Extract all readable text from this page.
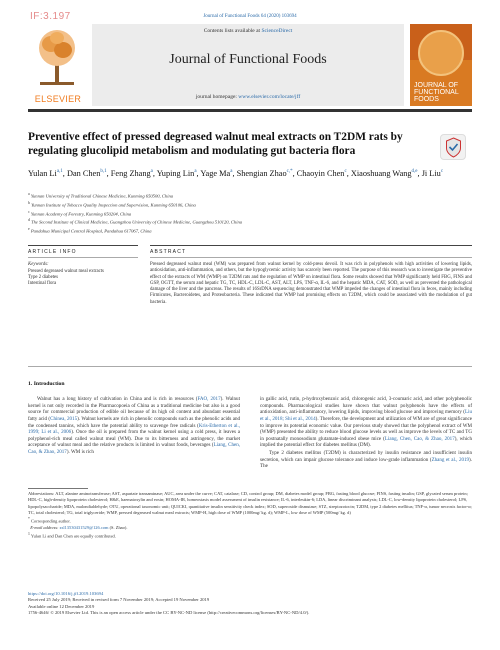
IF:3.197	Journal of Functional Foods 64 (2020) 103694
ELSEVIER
Contents lists available at ScienceDirect
Journal of Functional Foods
journal homepage: www.elsevier.com/locate/jff
JOURNAL OF FUNCTIONAL FOODS
Preventive effect of pressed degreased walnut meal extracts on T2DM rats by regulating glucolipid metabolism and modulating gut bacteria flora
Yulan Li$^{a,1}$, Dan Chen$^{b,1}$, Feng Zhang$^a$, Yuping Lin$^a$, Yage Ma$^a$, Shengian Zhao$^{c,*}$, Chaoyin Chen$^c$, Xiaoshuang Wang$^{d,e}$, Ji Liu$^c$
$^a$ Yunnan University of Traditional Chinese Medicine, Kunming 650500, China
$^b$ Yunnan Institute of Tobacco Quality Inspection and Supervision, Kunming 650106, China
$^c$ Yunnan Academy of Forestry, Kunming 650204, China
$^d$ The Second Institute of Clinical Medicine, Guangzhou University of Chinese Medicine, Guangzhou 510120, China
$^e$ Pandahua Municipal Central Hospital, Pandahua 617067, China
ARTICLE INFO	ABSTRACT
Keywords:
Pressed degreased walnut meal extracts
Type 2 diabetes
Intestinal flora
Pressed degreased walnut meal (WM) was prepared from walnut kernel by cold-press devoil. It was rich in polyphenols with high activities of lowering lipids, antioxidation, anti-inflammation, and others, but the hypoglycemic activity has scarcely been reported. The purpose of this research was to investigate the preventive effect of the extracts of WM (WMP) on T2DM rats and the regulation of WMP on intestinal flora. Some results showed that WMP significantly held FBG, FINS and GSP, OGTT, the serum and hepatic TG, TC, HDL-C, LDL-C, AST, ALT, LPS, TNF-α, IL-6, and the hepatic MDA, CAT, SOD, as well as prevented the pathological damage of the liver and the pancreas. The results of 16SrDNA sequencing demonstrated that WMP impeded the changes of intestinal flora in feces, mainly including Firmicutes, Bacteroidetes, and Proteobacteria. These indicated that WMP had promising effects on T2DM, which could be associated with the modulation of gut bacteria.
1. Introduction

Walnut has a long history of cultivation in China and is rich in resources (FAO, 2017). Walnut kernel is not only recorded in the Pharmacopoeia of China as a traditional medicine but also is a good source for commercial production of edible oil because of its high oil content and abundant essential fatty acid (Chinea, 2015). Walnut kernels are rich in phenolic compounds such as the phenolic acids and the condensed tannins, which have the potential ability to scavenge free radicals (Kris-Etherton et al., 1999; Li et al., 2006). Once the oil is prepared from the walnut kernel using a cold press, it leaves a polyphenol-rich meal called walnut meal (WM). Due to its bitterness and astringency, the market acceptance of walnut meal and the relative products is limited in walnut foods, beverages (Liang, Chen, Cao, & Zhao, 2017). WM is rich

in gallic acid, rutin, p-hydroxybenzoic acid, chlorogenic acid, 3-coumaric acid, and other polyphenolic compounds. Pharmacological studies have shown that walnut polyphenols have the effects of antioxidation, anti-inflammatory, lowering lipids, improving blood glucose and improving memory (Liu et al., 2018; Shi et al., 2014). Therefore, the development and utilization of WM are of great significance to improve its potential economic value. Our previous study showed that the polyphenol extract of WM (WMP) presented the ability to reduce blood glucose levels as well as improve the levels of TC and TG in postnatally monosodium glutamate-induced obese mice (Liang, Chen, Cao, & Zhao, 2017), which implied the potential effect for diabetes mellitus (DM).

Type 2 diabetes mellitus (T2DM) is characterized by insulin resistance and insufficient insulin secretion, which can impair glucose tolerance and induce low-grade inflammation (Zhang et al., 2019). The

Abbreviations: ALT, alanine aminotransferase; AST, aspartate transaminase; AUC, area under the curve; CAT, catalase; CD, control group; DM, diabetes model group; FBG, fasting blood glucose; FINS, fasting insulin; GSP, glycated serum protein; HDL-C, high-density lipoprotein cholesterol; H&E, haematoxylin and eosin; HOMA-IR, homeostasis model assessment of insulin resistance; IL-6, interleukin-6; LDA, linear discriminant analysis; LDL-C, low-density lipoprotein cholesterol; LPS, lipopolysaccharide; MDA, malondialdehyde; OTU, operational taxonomic unit; QUICKI, quantitative insulin sensitivity check index; SOD, superoxide dismutase; STZ, streptozotocin; T2DM, type 2 diabetes mellitus; TNF-α, tumor necrosis factor-α; TC, total cholesterol; TG, total triglyceride; WMP, pressed degreased walnut meal extracts; WMP-H, high dose of WMP (1000mg/ kg. d); WMP-L, low dose of WMP (500mg/ kg. d)
* Corresponding author.
E-mail address: zsl13530431529@126.com (S. Zhao).
$^1$ Yulan Li and Dan Chen are equally contributed.
https://doi.org/10.1016/j.jff.2019.103694
Received 25 July 2019; Received in revised form 7 November 2019; Accepted 19 November 2019
Available online 12 December 2019
1756-4646/ © 2019 Elsevier Ltd. This is an open access article under the CC BY-NC-ND license (http://creativecommons.org/licenses/BY-NC-ND/4.0/).
